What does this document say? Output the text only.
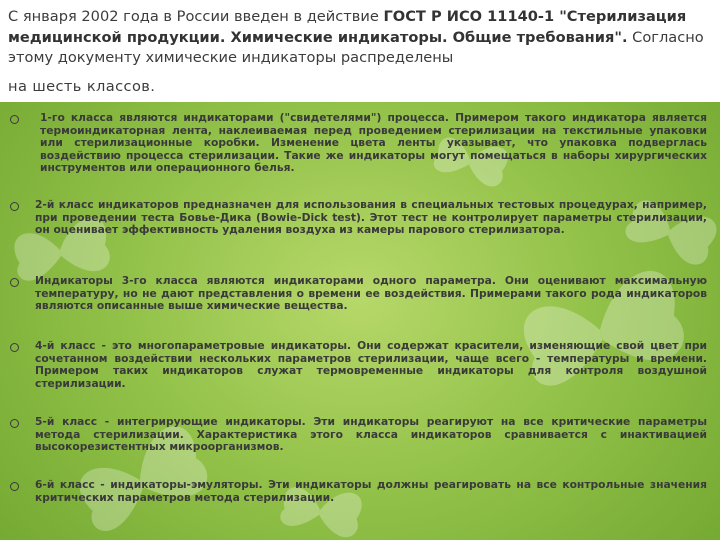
С января 2002 года в России введен в действие ГОСТ Р ИСО 11140-1 "Стерилизация медицинской продукции. Химические индикаторы. Общие требования". Согласно этому документу химические индикаторы распределены
на шесть классов.
1-го класса являются индикаторами ("свидетелями") процесса. Примером такого индикатора является термоиндикаторная лента, наклеиваемая перед проведением стерилизации на текстильные упаковки или стерилизационные коробки. Изменение цвета ленты указывает, что упаковка подверглась воздействию процесса стерилизации. Такие же индикаторы могут помещаться в наборы хирургических инструментов или операционного белья.
2-й класс индикаторов предназначен для использования в специальных тестовых процедурах, например, при проведении теста Бовье-Дика (Bowie-Dick test). Этот тест не контролирует параметры стерилизации, он оценивает эффективность удаления воздуха из камеры парового стерилизатора.
Индикаторы 3-го класса являются индикаторами одного параметра. Они оценивают максимальную температуру, но не дают представления о времени ее воздействия. Примерами такого рода индикаторов являются описанные выше химические вещества.
4-й класс - это многопараметровые индикаторы. Они содержат красители, изменяющие свой цвет при сочетанном воздействии нескольких параметров стерилизации, чаще всего - температуры и времени. Примером таких индикаторов служат термовременные индикаторы для контроля воздушной стерилизации.
5-й класс - интегрирующие индикаторы. Эти индикаторы реагируют на все критические параметры метода стерилизации. Характеристика этого класса индикаторов сравнивается с инактивацией высокорезистентных микроорганизмов.
6-й класс - индикаторы-эмуляторы. Эти индикаторы должны реагировать на все контрольные значения критических параметров метода стерилизации.
